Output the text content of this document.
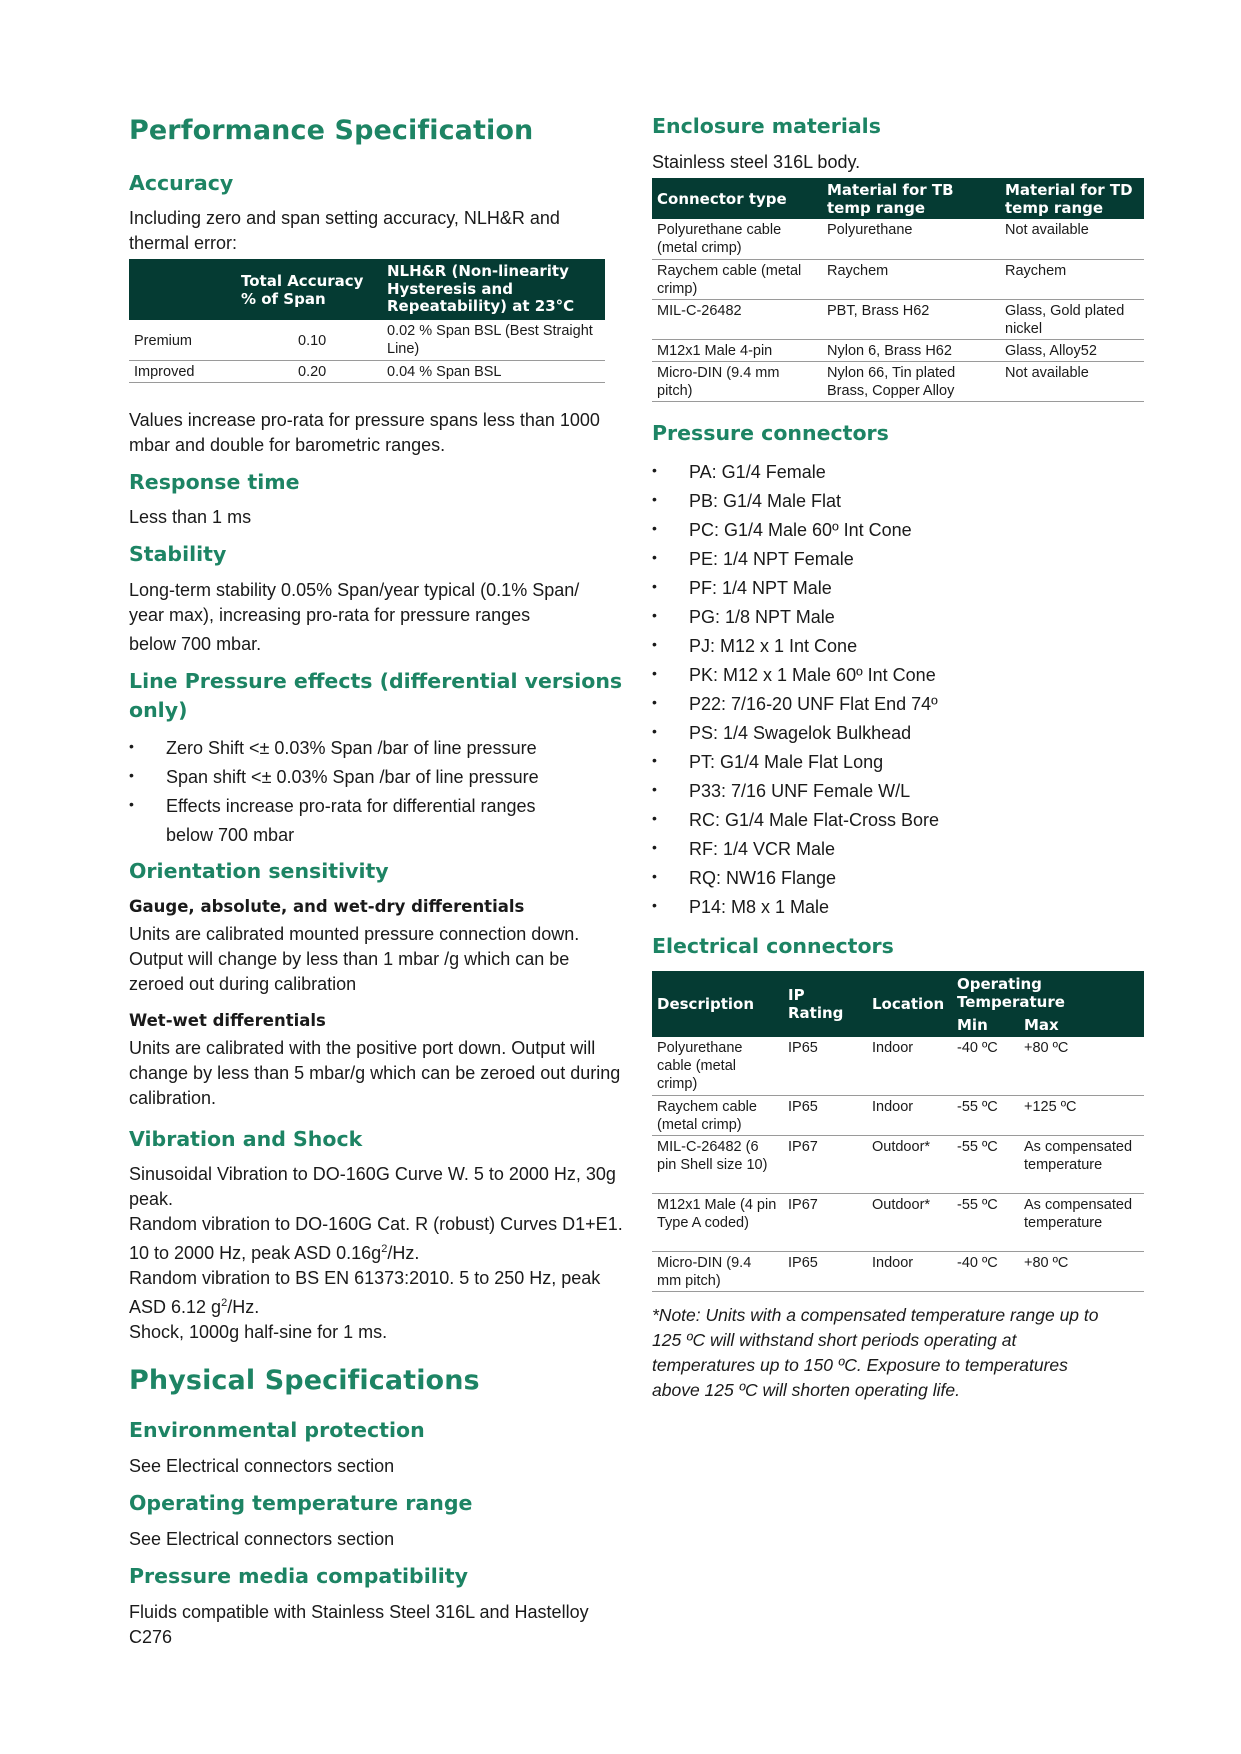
Performance Specification
Accuracy

Including zero and span setting accuracy, NLH&R and thermal error:

	Total Accuracy % of Span	NLH&R (Non-linearity Hysteresis and Repeatability) at 23°C
Premium	0.10	0.02 % Span BSL (Best Straight Line)
Improved	0.20	0.04 % Span BSL

Values increase pro-rata for pressure spans less than 1000 mbar and double for barometric ranges.

Response time

Less than 1 ms

Stability

Long-term stability 0.05% Span/year typical (0.1% Span/

year max), increasing pro-rata for pressure ranges

below 700 mbar.

Line Pressure effects (differential versions
only)
• Zero Shift <± 0.03% Span /bar of line pressure
• Span shift <± 0.03% Span /bar of line pressure
• Effects increase pro-rata for differential ranges
below 700 mbar
Orientation sensitivity

Gauge, absolute, and wet-dry differentials

Units are calibrated mounted pressure connection down. Output will change by less than 1 mbar /g which can be zeroed out during calibration

Wet-wet differentials

Units are calibrated with the positive port down. Output will change by less than 5 mbar/g which can be zeroed out during calibration.

Vibration and Shock
Sinusoidal Vibration to DO-160G Curve W. 5 to 2000 Hz, 30g peak.
Random vibration to DO-160G Cat. R (robust) Curves D1+E1. 10 to 2000 Hz, peak ASD $0.16g^2/Hz$.
Random vibration to BS EN 61373:2010. 5 to 250 Hz, peak ASD 6.12 $g^2/Hz$.
Shock, 1000g half-sine for 1 ms.
Physical Specifications
Environmental protection

See Electrical connectors section

Operating temperature range

See Electrical connectors section

Pressure media compatibility

Fluids compatible with Stainless Steel 316L and Hastelloy C276

Enclosure materials

Stainless steel 316L body.

Connector type	Material for TB temp range	Material for TD temp range
Polyurethane cable (metal crimp)	Polyurethane	Not available
Raychem cable (metal crimp)	Raychem	Raychem
MIL-C-26482	PBT, Brass H62	Glass, Gold plated nickel
M12x1 Male 4-pin	Nylon 6, Brass H62	Glass, Alloy52
Micro-DIN (9.4 mm pitch)	Nylon 66, Tin plated Brass, Copper Alloy	Not available
Pressure connectors
• PA: G1/4 Female
• PB: G1/4 Male Flat
• PC: G1/4 Male 60º Int Cone
• PE: 1/4 NPT Female
• PF: 1/4 NPT Male
• PG: 1/8 NPT Male
• PJ: M12 x 1 Int Cone
• PK: M12 x 1 Male 60º Int Cone
• P22: 7/16-20 UNF Flat End 74º
• PS: 1/4 Swagelok Bulkhead
• PT: G1/4 Male Flat Long
• P33: 7/16 UNF Female W/L
• RC: G1/4 Male Flat-Cross Bore
• RF: 1/4 VCR Male
• RQ: NW16 Flange
• P14: M8 x 1 Male
Electrical connectors
Description	IP Rating	Location	Operating Temperature	
			Min	Max
Polyurethane cable (metal crimp)	IP65	Indoor	-40 ºC	+80 ºC
Raychem cable (metal crimp)	IP65	Indoor	-55 ºC	+125 ºC
MIL-C-26482 (6 pin Shell size 10)	IP67	Outdoor*	-55 ºC	As compensated temperature
M12x1 Male (4 pin Type A coded)	IP67	Outdoor*	-55 ºC	As compensated temperature
Micro-DIN (9.4 mm pitch)	IP65	Indoor	-40 ºC	+80 ºC

*Note: Units with a compensated temperature range up to 125 ºC will withstand short periods operating at temperatures up to 150 ºC. Exposure to temperatures above 125 ºC will shorten operating life.
